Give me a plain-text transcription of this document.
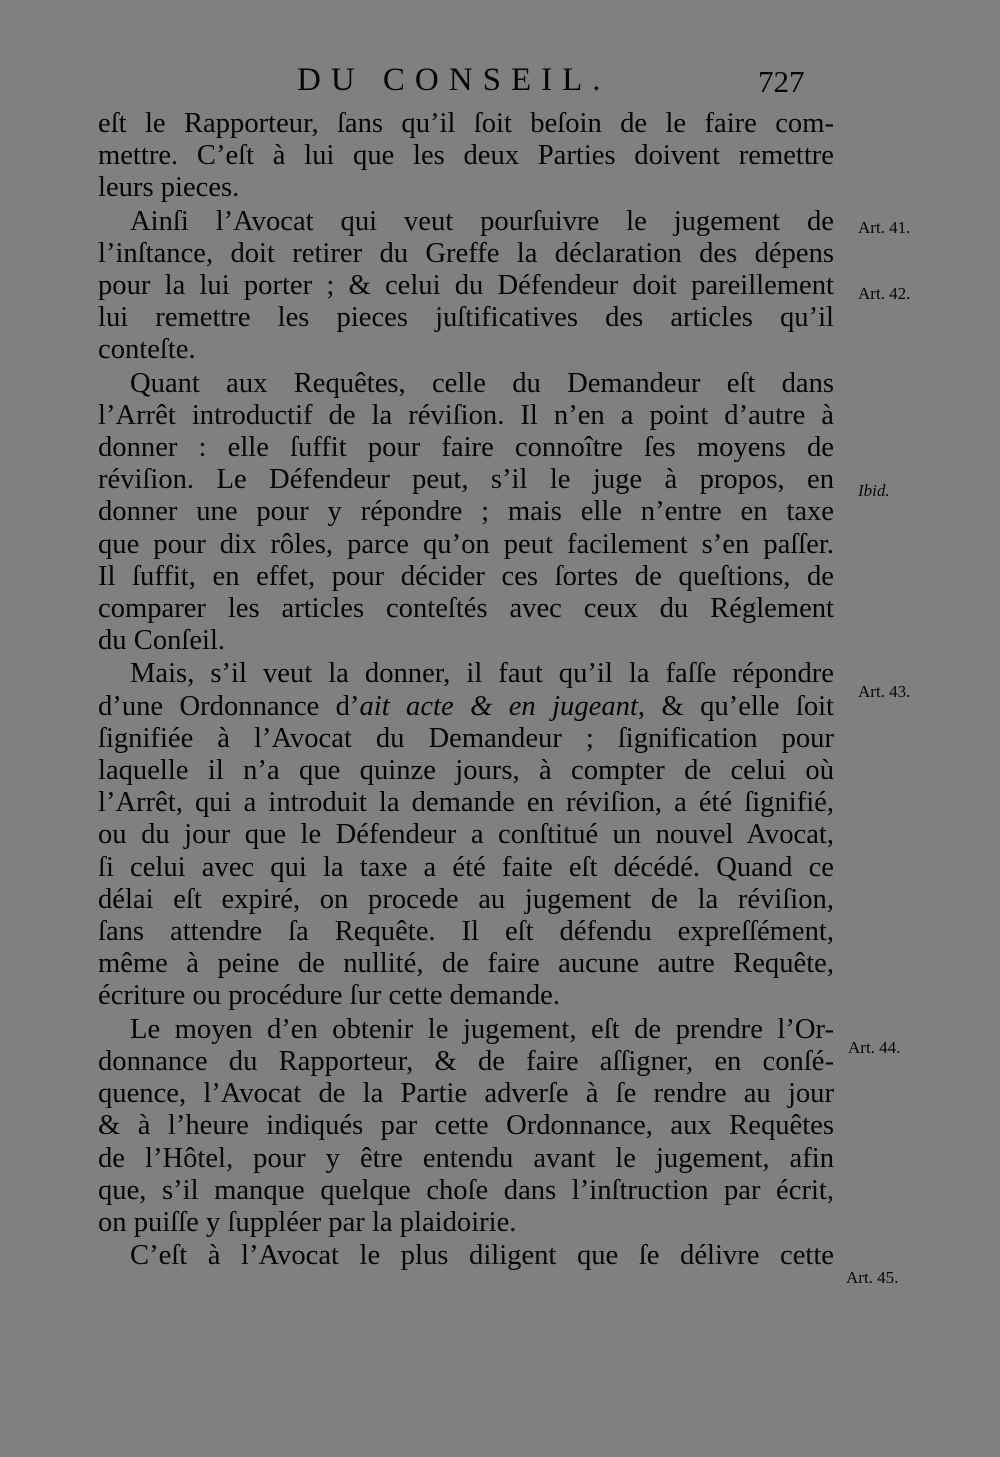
DU CONSEIL.	727

eſt le Rapporteur, ſans qu’il ſoit beſoin de le faire com-
mettre. C’eſt à lui que les deux Parties doivent remettre
leurs pieces.

Ainſi l’Avocat qui veut pourſuivre le jugement de
l’inſtance, doit retirer du Greffe la déclaration des dépens
pour la lui porter ; & celui du Défendeur doit pareillement
lui remettre les pieces juſtificatives des articles qu’il
conteſte.

Quant aux Requêtes, celle du Demandeur eſt dans
l’Arrêt introductif de la réviſion. Il n’en a point d’autre à
donner : elle ſuffit pour faire connoître ſes moyens de
réviſion. Le Défendeur peut, s’il le juge à propos, en
donner une pour y répondre ; mais elle n’entre en taxe
que pour dix rôles, parce qu’on peut facilement s’en paſſer.
Il ſuffit, en effet, pour décider ces ſortes de queſtions, de
comparer les articles conteſtés avec ceux du Réglement
du Conſeil.

Mais, s’il veut la donner, il faut qu’il la faſſe répondre
d’une Ordonnance d’ait acte & en jugeant, & qu’elle ſoit
ſignifiée à l’Avocat du Demandeur ; ſignification pour
laquelle il n’a que quinze jours, à compter de celui où
l’Arrêt, qui a introduit la demande en réviſion, a été ſignifié,
ou du jour que le Défendeur a conſtitué un nouvel Avocat,
ſi celui avec qui la taxe a été faite eſt décédé. Quand ce
délai eſt expiré, on procede au jugement de la réviſion,
ſans attendre ſa Requête. Il eſt défendu expreſſément,
même à peine de nullité, de faire aucune autre Requête,
écriture ou procédure ſur cette demande.

Le moyen d’en obtenir le jugement, eſt de prendre l’Or-
donnance du Rapporteur, & de faire aſſigner, en conſé-
quence, l’Avocat de la Partie adverſe à ſe rendre au jour
& à l’heure indiqués par cette Ordonnance, aux Requêtes
de l’Hôtel, pour y être entendu avant le jugement, afin
que, s’il manque quelque choſe dans l’inſtruction par écrit,
on puiſſe y ſuppléer par la plaidoirie.

C’eſt à l’Avocat le plus diligent que ſe délivre cette

Art. 41.
Art. 42.
Ibid.
Art. 43.
Art. 44.
Art. 45.
